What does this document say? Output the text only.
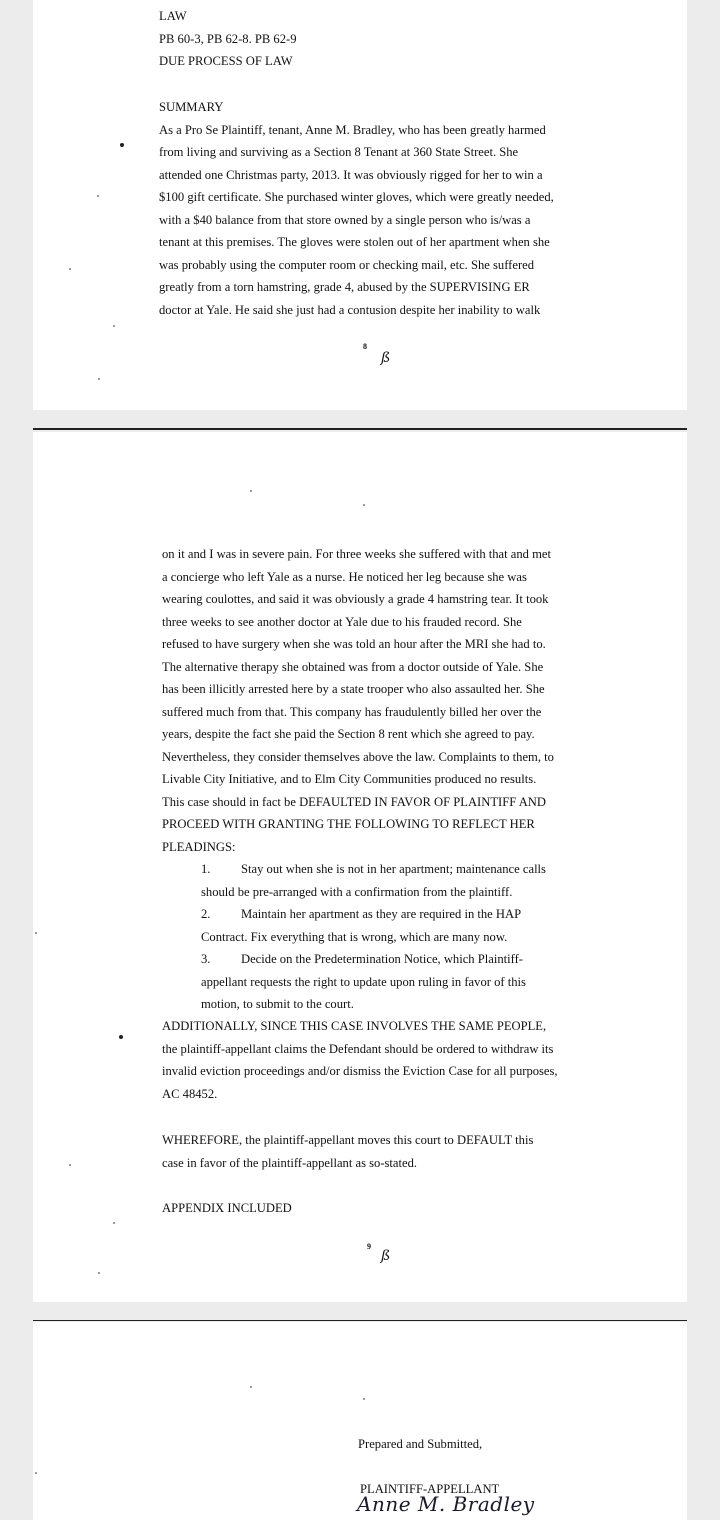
LAW
PB 60-3, PB 62-8. PB 62-9
DUE PROCESS OF LAW
SUMMARY
As a Pro Se Plaintiff, tenant, Anne M. Bradley, who has been greatly harmed
from living and surviving as a Section 8 Tenant at 360 State Street. She
attended one Christmas party, 2013. It was obviously rigged for her to win a
$100 gift certificate. She purchased winter gloves, which were greatly needed,
with a $40 balance from that store owned by a single person who is/was a
tenant at this premises. The gloves were stolen out of her apartment when she
was probably using the computer room or checking mail, etc. She suffered
greatly from a torn hamstring, grade 4, abused by the SUPERVISING ER
doctor at Yale. He said she just had a contusion despite her inability to walk
8
ß
on it and I was in severe pain. For three weeks she suffered with that and met
a concierge who left Yale as a nurse. He noticed her leg because she was
wearing coulottes, and said it was obviously a grade 4 hamstring tear. It took
three weeks to see another doctor at Yale due to his frauded record. She
refused to have surgery when she was told an hour after the MRI she had to.
The alternative therapy she obtained was from a doctor outside of Yale. She
has been illicitly arrested here by a state trooper who also assaulted her. She
suffered much from that. This company has fraudulently billed her over the
years, despite the fact she paid the Section 8 rent which she agreed to pay.
Nevertheless, they consider themselves above the law. Complaints to them, to
Livable City Initiative, and to Elm City Communities produced no results.
This case should in fact be DEFAULTED IN FAVOR OF PLAINTIFF AND
PROCEED WITH GRANTING THE FOLLOWING TO REFLECT HER
PLEADINGS:
1. Stay out when she is not in her apartment; maintenance calls
should be pre-arranged with a confirmation from the plaintiff.
2. Maintain her apartment as they are required in the HAP
Contract. Fix everything that is wrong, which are many now.
3. Decide on the Predetermination Notice, which Plaintiff-
appellant requests the right to update upon ruling in favor of this
motion, to submit to the court.
ADDITIONALLY, SINCE THIS CASE INVOLVES THE SAME PEOPLE,
the plaintiff-appellant claims the Defendant should be ordered to withdraw its
invalid eviction proceedings and/or dismiss the Eviction Case for all purposes,
AC 48452.
WHEREFORE, the plaintiff-appellant moves this court to DEFAULT this
case in favor of the plaintiff-appellant as so-stated.
APPENDIX INCLUDED
9
ß
Prepared and Submitted,
PLAINTIFF-APPELLANT
Anne M. Bradley
